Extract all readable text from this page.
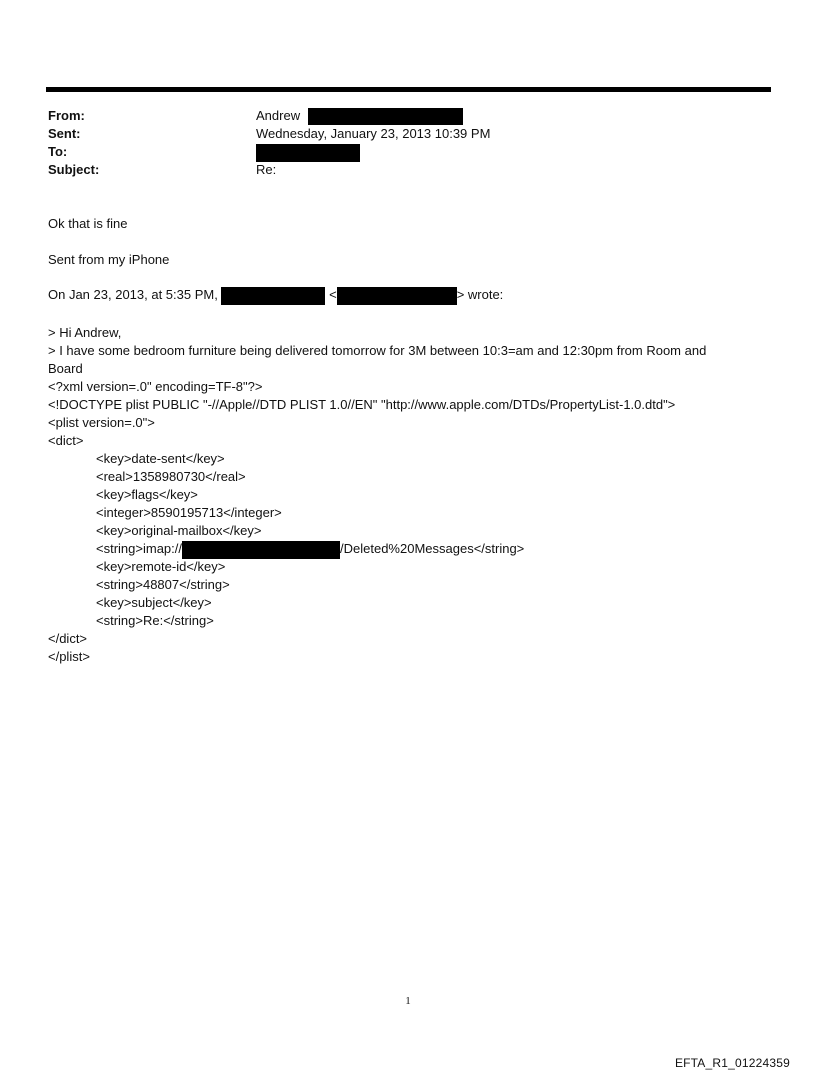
From:	Andrew
Sent:	Wednesday, January 23, 2013 10:39 PM
To:
Subject:	Re:
Ok that is fine
Sent from my iPhone
On Jan 23, 2013, at 5:35 PM,	<	> wrote:
> Hi Andrew,
> I have some bedroom furniture being delivered tomorrow for 3M between 10:3=am and 12:30pm from Room and
Board
<?xml version=.0" encoding=TF-8"?>
<!DOCTYPE plist PUBLIC "-//Apple//DTD PLIST 1.0//EN" "http://www.apple.com/DTDs/PropertyList-1.0.dtd">
<plist version=.0">
<dict>
<key>date-sent</key>
<real>1358980730</real>
<key>flags</key>
<integer>8590195713</integer>
<key>original-mailbox</key>
<string>imap://	/Deleted%20Messages</string>
<key>remote-id</key>
<string>48807</string>
<key>subject</key>
<string>Re:</string>
</dict>
</plist>
1
EFTA_R1_01224359
